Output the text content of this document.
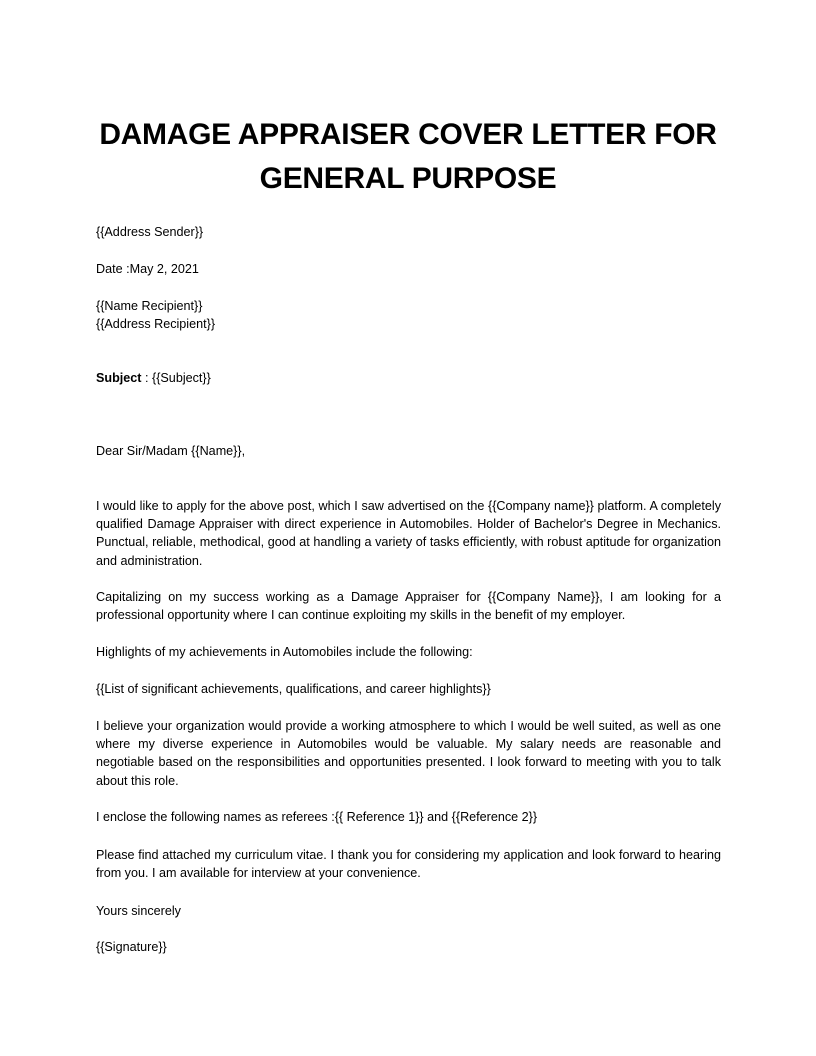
DAMAGE APPRAISER COVER LETTER FOR GENERAL PURPOSE

{{Address Sender}}

Date :May 2, 2021

{{Name Recipient}}

{{Address Recipient}}

Subject : {{Subject}}

Dear Sir/Madam {{Name}},

I would like to apply for the above post, which I saw advertised on the {{Company name}} platform. A completely qualified Damage Appraiser with direct experience in Automobiles. Holder of Bachelor's Degree in Mechanics. Punctual, reliable, methodical, good at handling a variety of tasks efficiently, with robust aptitude for organization and administration.

Capitalizing on my success working as a Damage Appraiser for {{Company Name}}, I am looking for a professional opportunity where I can continue exploiting my skills in the benefit of my employer.

Highlights of my achievements in Automobiles include the following:

{{List of significant achievements, qualifications, and career highlights}}

I believe your organization would provide a working atmosphere to which I would be well suited, as well as one where my diverse experience in Automobiles would be valuable. My salary needs are reasonable and negotiable based on the responsibilities and opportunities presented. I look forward to meeting with you to talk about this role.

I enclose the following names as referees :{{ Reference 1}} and {{Reference 2}}

Please find attached my curriculum vitae. I thank you for considering my application and look forward to hearing from you. I am available for interview at your convenience.

Yours sincerely

{{Signature}}
